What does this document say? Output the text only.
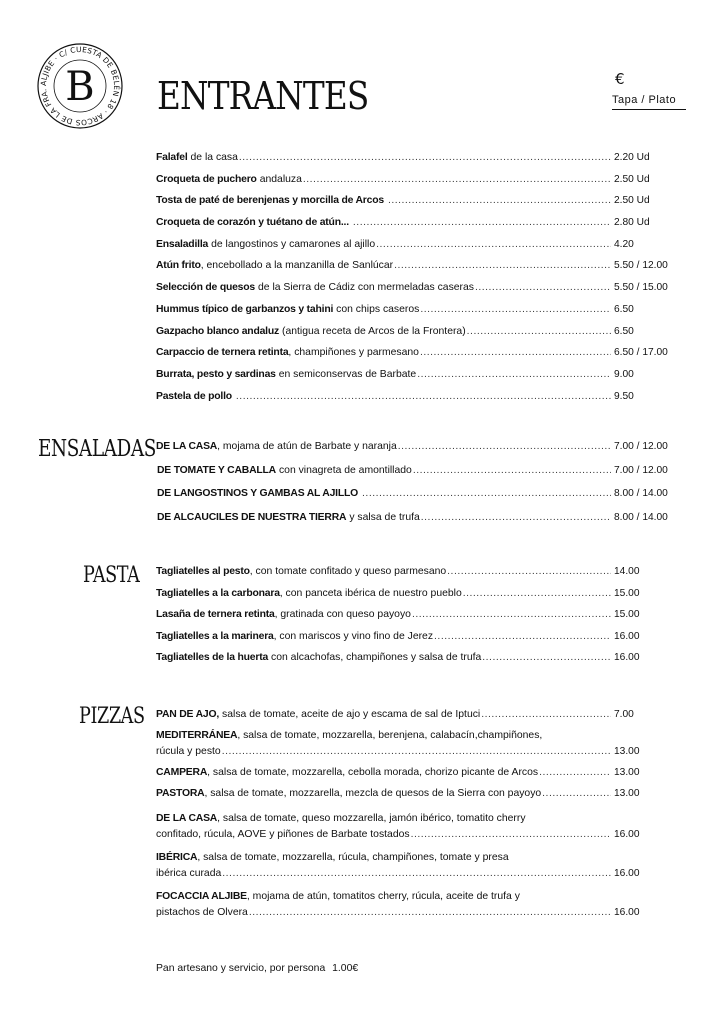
ALJIBE · C/ CUESTA DE BELÉN 18 · ARCOS DE LA FRA. B ENTRANTES	€
Tapa / Plato
Falafel de la casa .....	2.20 Ud
Croqueta de puchero andaluza .....	2.50 Ud
Tosta de paté de berenjenas y morcilla de Arcos .....	2.50 Ud
Croqueta de corazón y tuétano de atún... .....	2.80 Ud
Ensaladilla de langostinos y camarones al ajillo .....	4.20
Atún frito , encebollado a la manzanilla de Sanlúcar .....	5.50 / 12.00
Selección de quesos de la Sierra de Cádiz con mermeladas caseras .....	5.50 / 15.00
Hummus típico de garbanzos y tahini con chips caseros .....	6.50
Gazpacho blanco andaluz (antigua receta de Arcos de la Frontera) .....	6.50
Carpaccio de ternera retinta , champiñones y parmesano .....	6.50 / 17.00
Burrata, pesto y sardinas en semiconservas de Barbate .....	9.00
Pastela de pollo .....	9.50
ENSALADAS DE LA CASA , mojama de atún de Barbate y naranja .....	7.00 / 12.00
DE TOMATE Y CABALLA con vinagreta de amontillado .....	7.00 / 12.00
DE LANGOSTINOS Y GAMBAS AL AJILLO .....	8.00 / 14.00
DE ALCAUCILES DE NUESTRA TIERRA y salsa de trufa .....	8.00 / 14.00
PASTA Tagliatelles al pesto , con tomate confitado y queso parmesano .....	14.00
Tagliatelles a la carbonara , con panceta ibérica de nuestro pueblo .....	15.00
Lasaña de ternera retinta , gratinada con queso payoyo .....	15.00
Tagliatelles a la marinera , con mariscos y vino fino de Jerez .....	16.00
Tagliatelles de la huerta con alcachofas, champiñones y salsa de trufa .....	16.00
PIZZAS PAN DE AJO, salsa de tomate, aceite de ajo y escama de sal de Iptuci .....	7.00
MEDITERRÁNEA , salsa de tomate, mozzarella, berenjena, calabacín,champiñones,
rúcula y pesto .....	13.00
CAMPERA , salsa de tomate, mozzarella, cebolla morada, chorizo picante de Arcos .....	13.00
PASTORA , salsa de tomate, mozzarella, mezcla de quesos de la Sierra con payoyo .....	13.00
DE LA CASA , salsa de tomate, queso mozzarella, jamón ibérico, tomatito cherry
confitado, rúcula, AOVE y piñones de Barbate tostados .....	16.00
IBÉRICA , salsa de tomate, mozzarella, rúcula, champiñones, tomate y presa
ibérica curada .....	16.00
FOCACCIA ALJIBE , mojama de atún, tomatitos cherry, rúcula, aceite de trufa y
pistachos de Olvera .....	16.00
Pan artesano y servicio, por persona 1.00€
